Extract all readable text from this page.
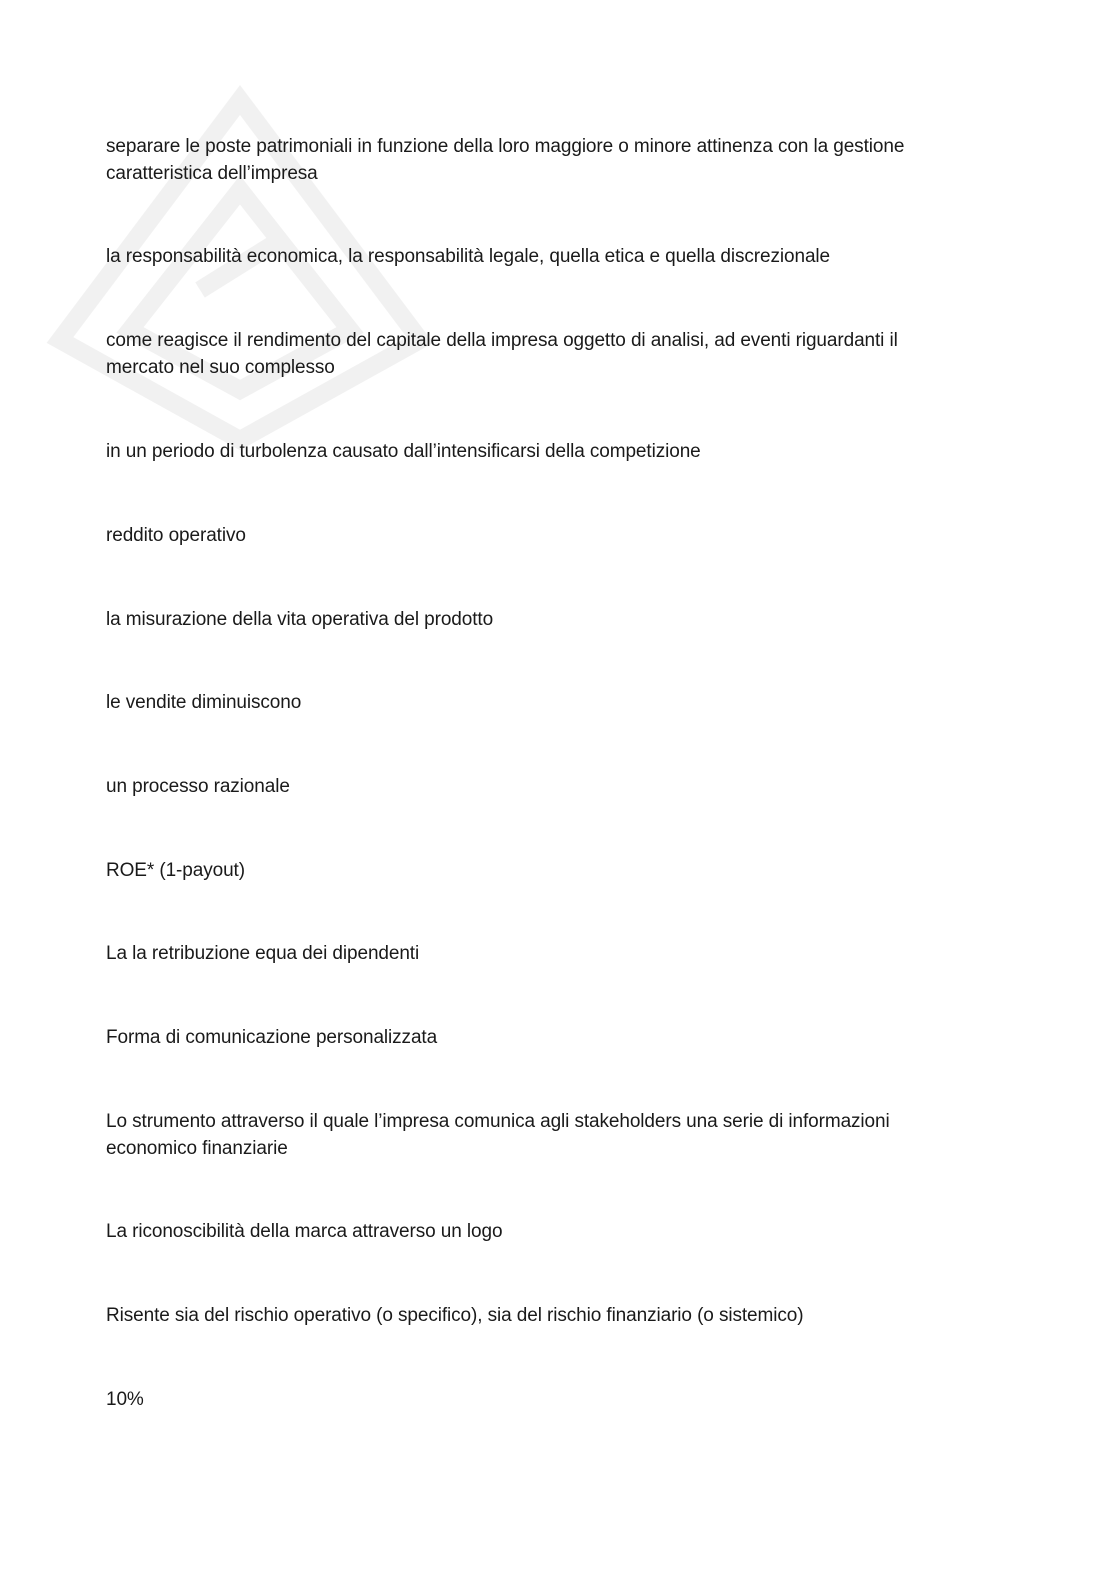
separare le poste patrimoniali in funzione della loro maggiore o minore attinenza con la gestione caratteristica dell’impresa

la responsabilità economica, la responsabilità legale, quella etica e quella discrezionale

come reagisce il rendimento del capitale della impresa oggetto di analisi, ad eventi riguardanti il mercato nel suo complesso

in un periodo di turbolenza causato dall’intensificarsi della competizione

reddito operativo

la misurazione della vita operativa del prodotto

le vendite diminuiscono

un processo razionale

ROE* (1-payout)

La la retribuzione equa dei dipendenti

Forma di comunicazione personalizzata

Lo strumento attraverso il quale l’impresa comunica agli stakeholders una serie di informazioni economico finanziarie

La riconoscibilità della marca attraverso un logo

Risente sia del rischio operativo (o specifico), sia del rischio finanziario (o sistemico)

10%
